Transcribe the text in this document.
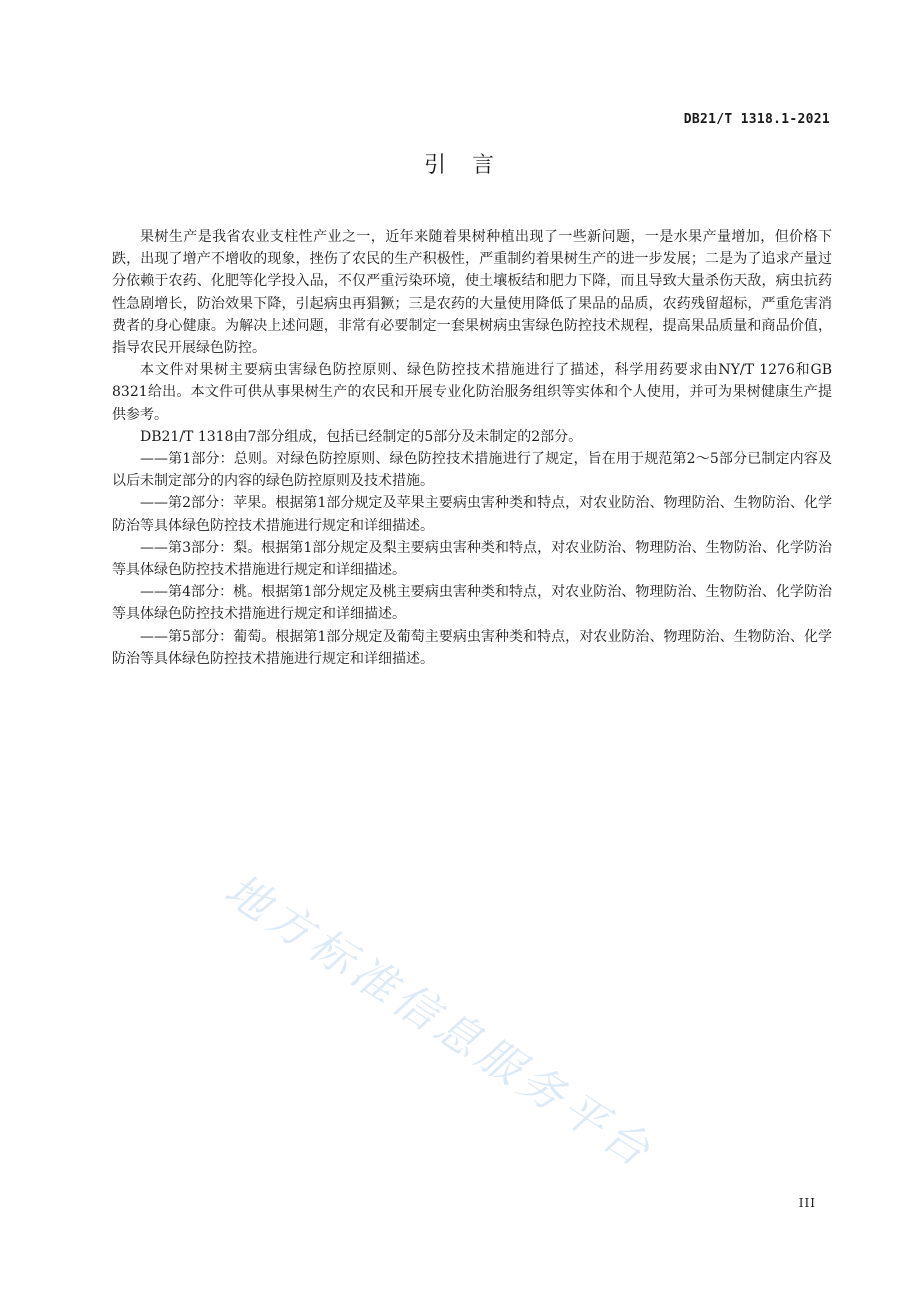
DB21/T 1318.1-2021
引　言

果树生产是我省农业支柱性产业之一，近年来随着果树种植出现了一些新问题，一是水果产量增加，但价格下跌，出现了增产不增收的现象，挫伤了农民的生产积极性，严重制约着果树生产的进一步发展；二是为了追求产量过分依赖于农药、化肥等化学投入品，不仅严重污染环境，使土壤板结和肥力下降，而且导致大量杀伤天敌，病虫抗药性急剧增长，防治效果下降，引起病虫再猖獗；三是农药的大量使用降低了果品的品质，农药残留超标，严重危害消费者的身心健康。为解决上述问题，非常有必要制定一套果树病虫害绿色防控技术规程，提高果品质量和商品价值，指导农民开展绿色防控。

本文件对果树主要病虫害绿色防控原则、绿色防控技术措施进行了描述，科学用药要求由NY/T 1276和GB 8321给出。本文件可供从事果树生产的农民和开展专业化防治服务组织等实体和个人使用，并可为果树健康生产提供参考。

DB21/T 1318由7部分组成，包括已经制定的5部分及未制定的2部分。

——第1部分：总则。对绿色防控原则、绿色防控技术措施进行了规定，旨在用于规范第2～5部分已制定内容及以后未制定部分的内容的绿色防控原则及技术措施。

——第2部分：苹果。根据第1部分规定及苹果主要病虫害种类和特点，对农业防治、物理防治、生物防治、化学防治等具体绿色防控技术措施进行规定和详细描述。

——第3部分：梨。根据第1部分规定及梨主要病虫害种类和特点，对农业防治、物理防治、生物防治、化学防治等具体绿色防控技术措施进行规定和详细描述。

——第4部分：桃。根据第1部分规定及桃主要病虫害种类和特点，对农业防治、物理防治、生物防治、化学防治等具体绿色防控技术措施进行规定和详细描述。

——第5部分：葡萄。根据第1部分规定及葡萄主要病虫害种类和特点，对农业防治、物理防治、生物防治、化学防治等具体绿色防控技术措施进行规定和详细描述。

地方标准信息服务平台
III
